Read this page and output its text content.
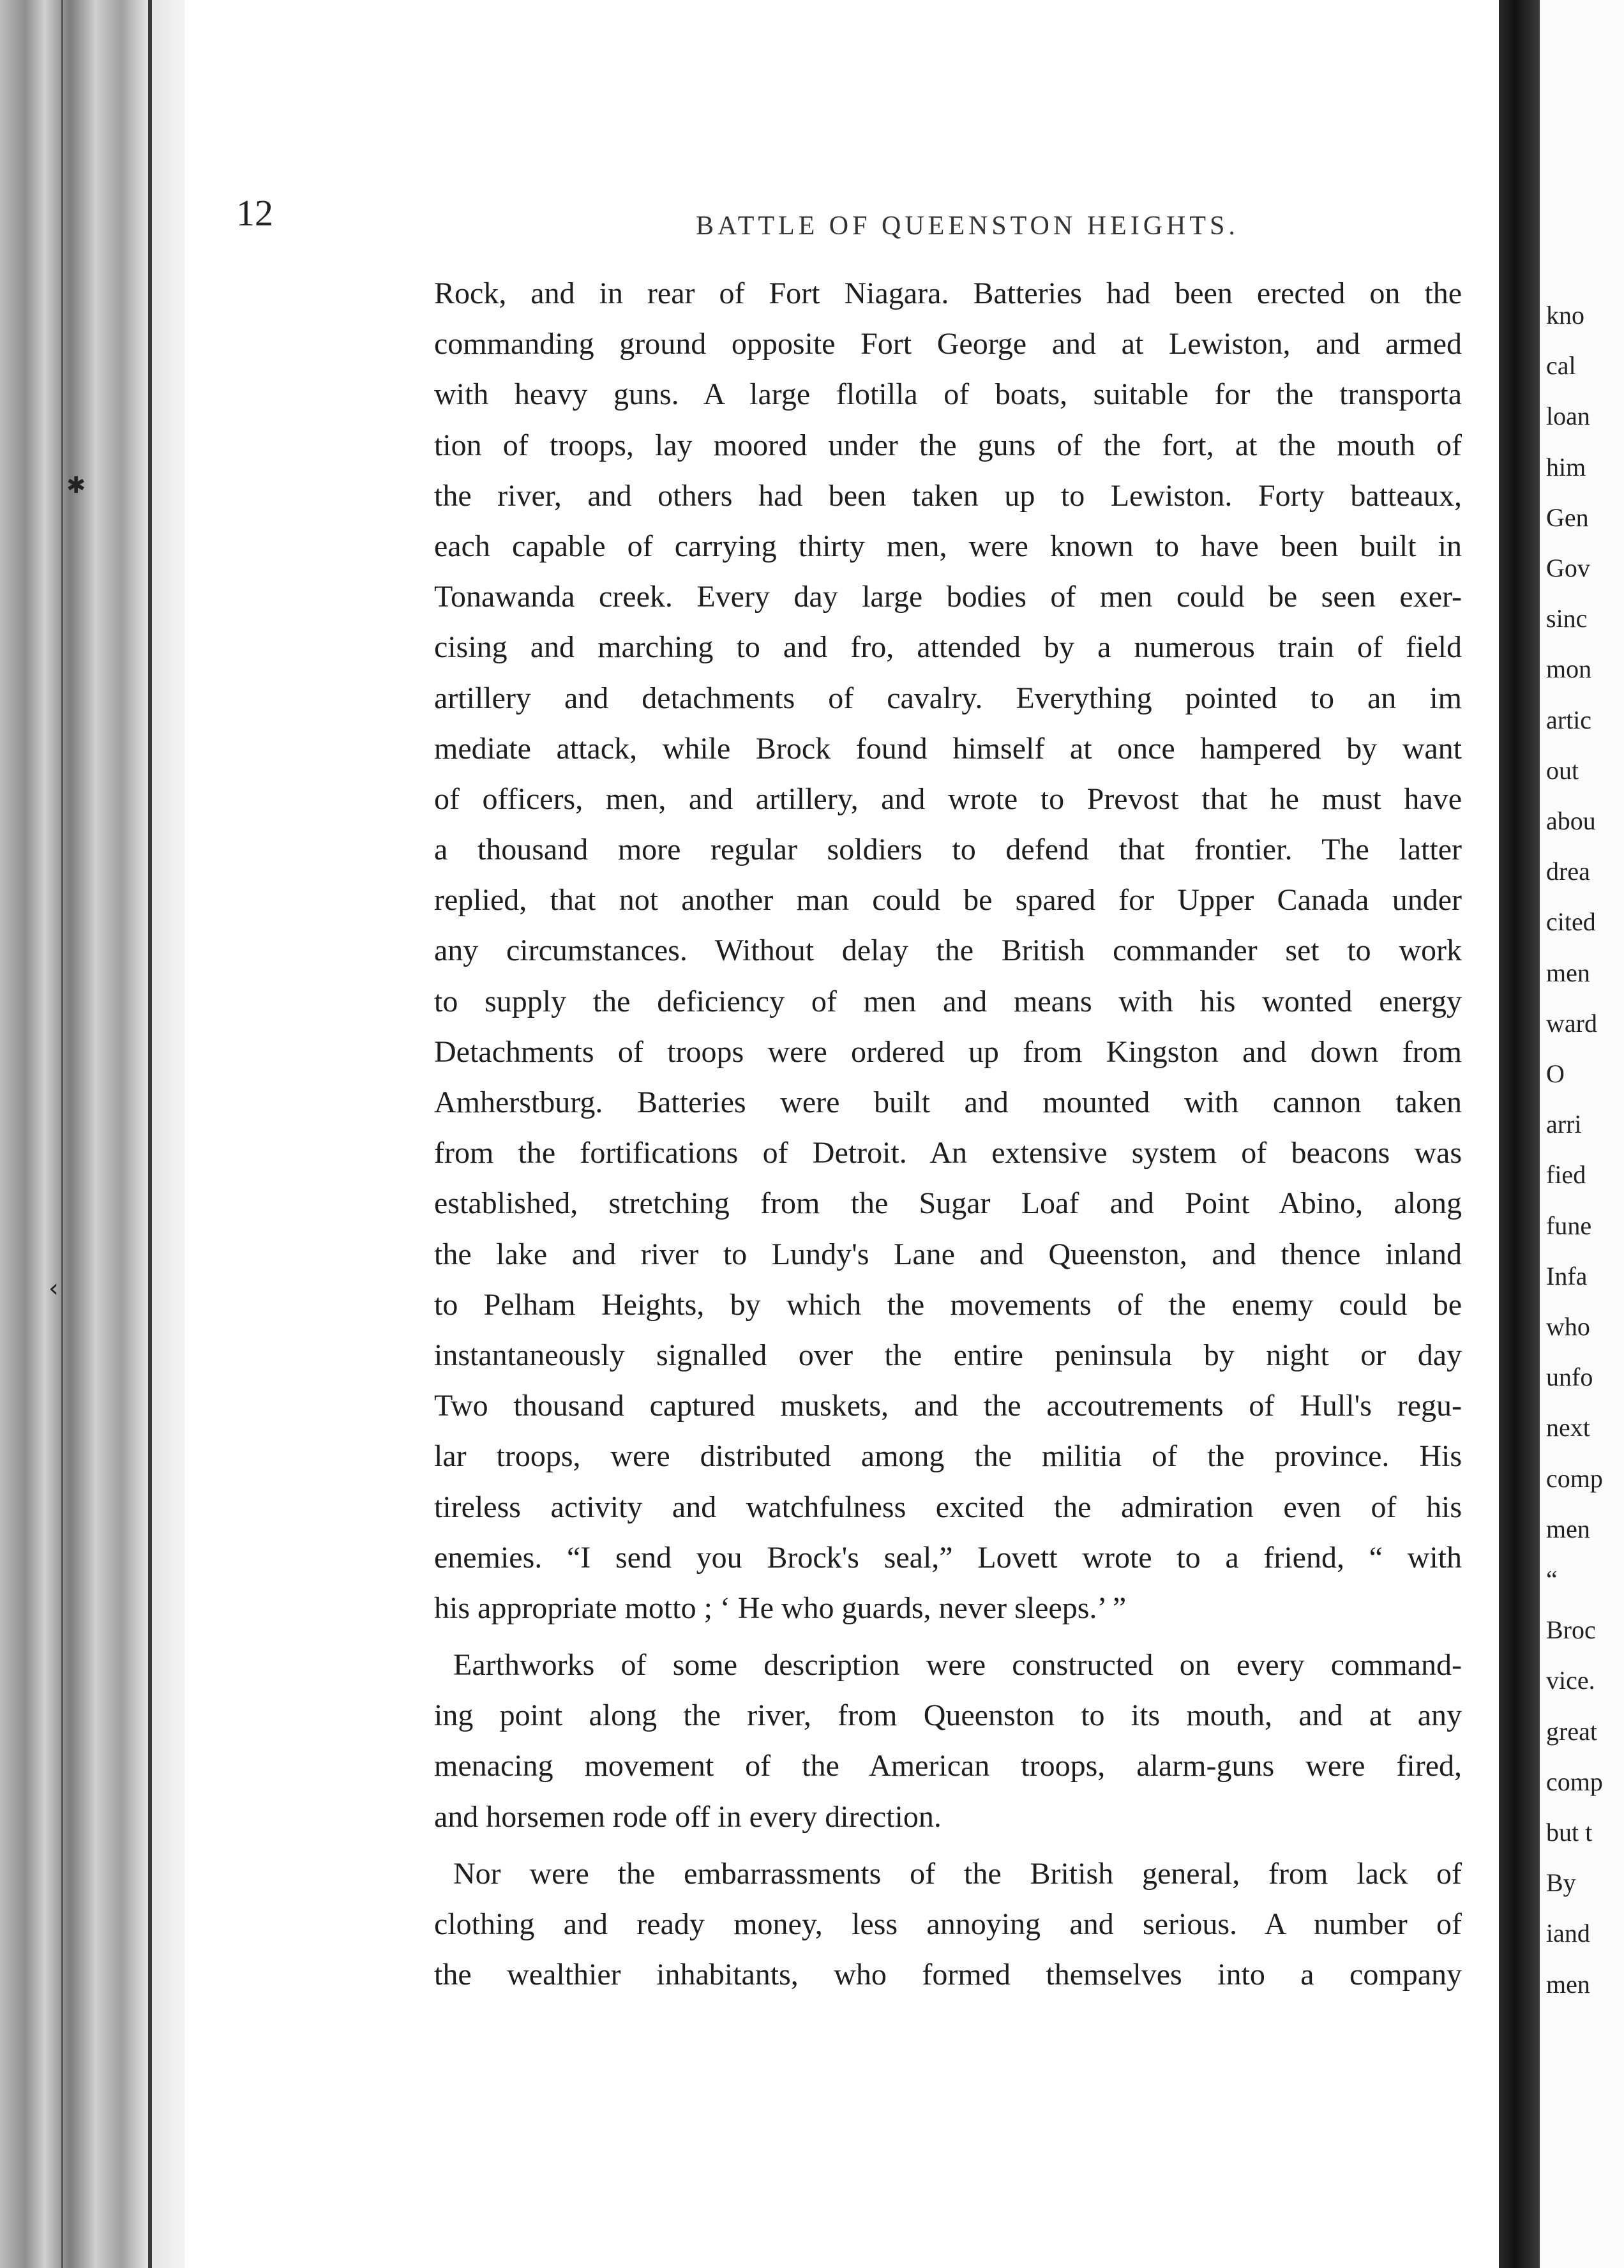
✱
‹
12	BATTLE OF QUEENSTON HEIGHTS.
Rock, and in rear of Fort Niagara. Batteries had been erected on the
commanding ground opposite Fort George and at Lewiston, and armed
with heavy guns. A large flotilla of boats, suitable for the transporta
tion of troops, lay moored under the guns of the fort, at the mouth of
the river, and others had been taken up to Lewiston. Forty batteaux,
each capable of carrying thirty men, were known to have been built in
Tonawanda creek. Every day large bodies of men could be seen exer-
cising and marching to and fro, attended by a numerous train of field
artillery and detachments of cavalry. Everything pointed to an im
mediate attack, while Brock found himself at once hampered by want
of officers, men, and artillery, and wrote to Prevost that he must have
a thousand more regular soldiers to defend that frontier. The latter
replied, that not another man could be spared for Upper Canada under
any circumstances. Without delay the British commander set to work
to supply the deficiency of men and means with his wonted energy
Detachments of troops were ordered up from Kingston and down from
Amherstburg. Batteries were built and mounted with cannon taken
from the fortifications of Detroit. An extensive system of beacons was
established, stretching from the Sugar Loaf and Point Abino, along
the lake and river to Lundy's Lane and Queenston, and thence inland
to Pelham Heights, by which the movements of the enemy could be
instantaneously signalled over the entire peninsula by night or day
Two thousand captured muskets, and the accoutrements of Hull's regu-
lar troops, were distributed among the militia of the province. His
tireless activity and watchfulness excited the admiration even of his
enemies. “I send you Brock's seal,” Lovett wrote to a friend, “ with
his appropriate motto ; ‘ He who guards, never sleeps.’ ”
Earthworks of some description were constructed on every command-
ing point along the river, from Queenston to its mouth, and at any
menacing movement of the American troops, alarm-guns were fired,
and horsemen rode off in every direction.
Nor were the embarrassments of the British general, from lack of
clothing and ready money, less annoying and serious. A number of
the wealthier inhabitants, who formed themselves into a company
kno
cal
loan
him
Gen
Gov
sinc
mon
artic
out
abou
drea
cited
men
ward
O
arri
fied
fune
Infa
who
unfo
next
comp
men
“
Broc
vice.
great
comp
but t
By
iand
men
